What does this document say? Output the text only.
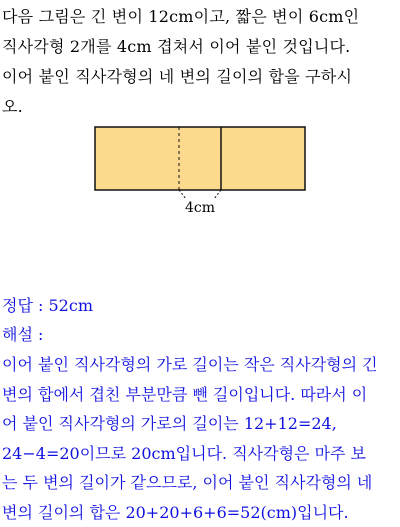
다음 그림은 긴 변이 12cm이고, 짧은 변이 6cm인
직사각형 2개를 4cm 겹쳐서 이어 붙인 것입니다.
이어 붙인 직사각형의 네 변의 길이의 합을 구하시
오.
4cm
정답 : 52cm
해설 :
이어 붙인 직사각형의 가로 길이는 작은 직사각형의 긴
변의 합에서 겹친 부분만큼 뺀 길이입니다. 따라서 이
어 붙인 직사각형의 가로의 길이는 12+12=24,
24−4=20이므로 20cm입니다. 직사각형은 마주 보
는 두 변의 길이가 같으므로, 이어 붙인 직사각형의 네
변의 길이의 합은 20+20+6+6=52(cm)입니다.
